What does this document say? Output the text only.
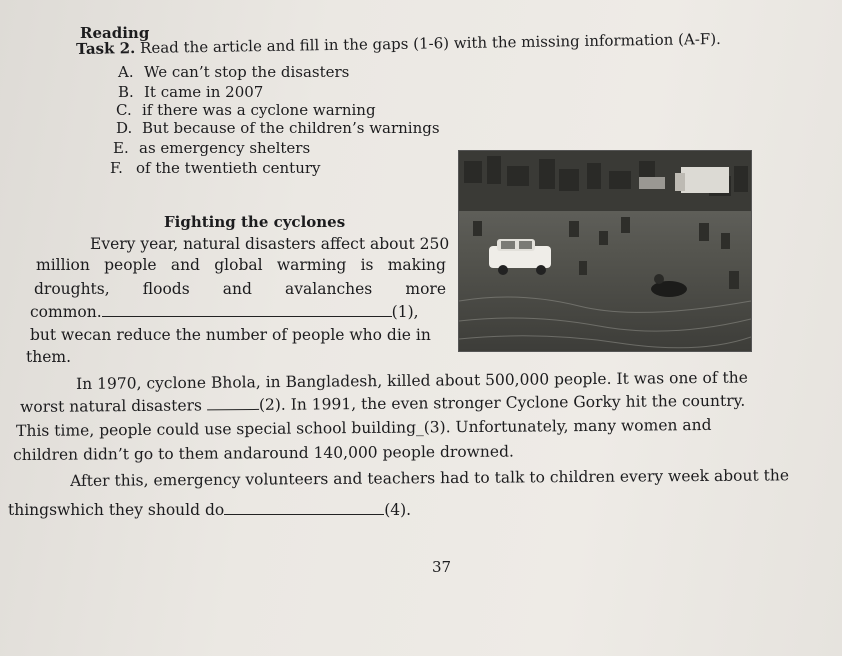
Reading
Task 2. Read the article and fill in the gaps (1-6) with the missing information (A-F).
A. We can’t stop the disasters
B. It came in 2007
C. if there was a cyclone warning
D. But because of the children’s warnings
E. as emergency shelters
F. of the twentieth century
Fighting the cyclones
Every year, natural disasters affect about 250
million people and global warming is making
droughts, floods and avalanches more
common.	(1),
but wecan reduce the number of people who die in
them.
In 1970, cyclone Bhola, in Bangladesh, killed about 500,000 people. It was one of the
worst natural disasters	(2). In 1991, the even stronger Cyclone Gorky hit the country.
This time, people could use special school building_(3). Unfortunately, many women and
children didn’t go to them andaround 140,000 people drowned.
After this, emergency volunteers and teachers had to talk to children every week about the
thingswhich they should do	(4).
37
